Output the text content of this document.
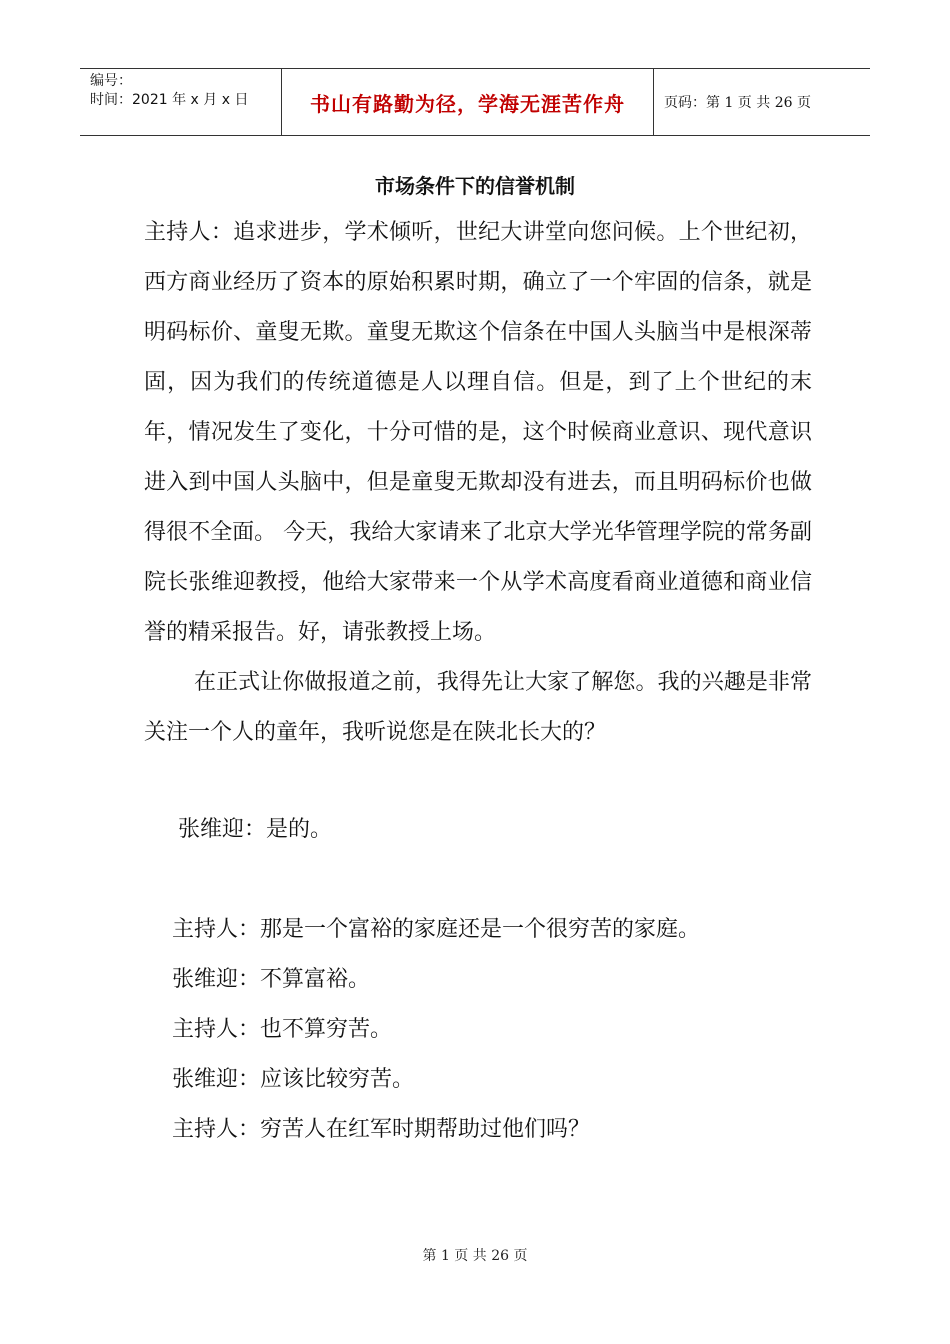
编号：
时间：2021 年 x 月 x 日	书山有路勤为径，学海无涯苦作舟	页码：第 1 页 共 26 页
市场条件下的信誉机制

主持人：追求进步，学术倾听，世纪大讲堂向您问候。上个世纪初，西方商业经历了资本的原始积累时期，确立了一个牢固的信条，就是明码标价、童叟无欺。童叟无欺这个信条在中国人头脑当中是根深蒂固，因为我们的传统道德是人以理自信。但是，到了上个世纪的末年，情况发生了变化，十分可惜的是，这个时候商业意识、现代意识进入到中国人头脑中，但是童叟无欺却没有进去，而且明码标价也做得很不全面。 今天，我给大家请来了北京大学光华管理学院的常务副院长张维迎教授，他给大家带来一个从学术高度看商业道德和商业信誉的精采报告。好，请张教授上场。

在正式让你做报道之前，我得先让大家了解您。我的兴趣是非常关注一个人的童年，我听说您是在陕北长大的？

张维迎：是的。
主持人：那是一个富裕的家庭还是一个很穷苦的家庭。
张维迎：不算富裕。
主持人：也不算穷苦。
张维迎：应该比较穷苦。
主持人：穷苦人在红军时期帮助过他们吗？
第 1 页 共 26 页
